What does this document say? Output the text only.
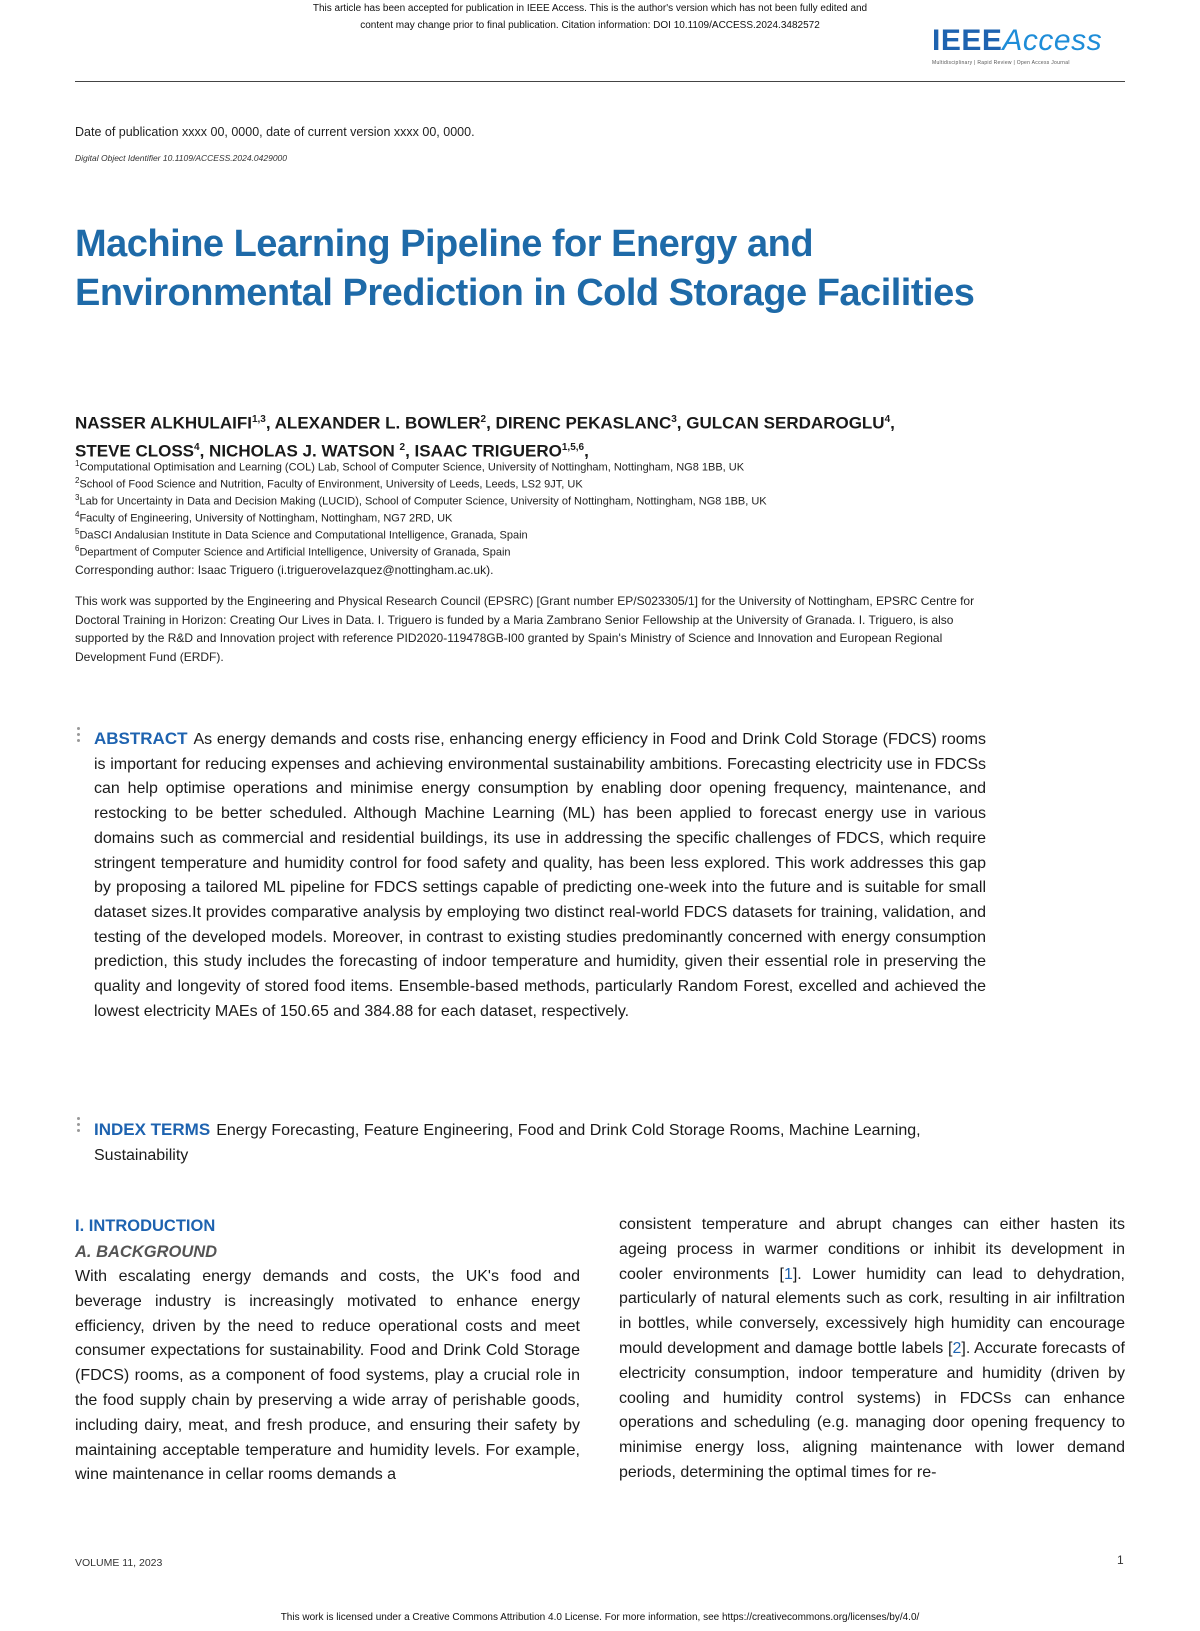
This article has been accepted for publication in IEEE Access. This is the author's version which has not been fully edited and
content may change prior to final publication. Citation information: DOI 10.1109/ACCESS.2024.3482572	IEEEAccess
Multidisciplinary | Rapid Review | Open Access Journal
Date of publication xxxx 00, 0000, date of current version xxxx 00, 0000.
Digital Object Identifier 10.1109/ACCESS.2024.0429000
Machine Learning Pipeline for Energy and Environmental Prediction in Cold Storage Facilities
NASSER ALKHULAIFI$^{1,3}$, ALEXANDER L. BOWLER$^2$, DIRENC PEKASLANC$^3$, GULCAN SERDAROGLU$^4$, STEVE CLOSS$^4$, NICHOLAS J. WATSON $^2$, ISAAC TRIGUERO$^{1,5,6}$,
$^1$Computational Optimisation and Learning (COL) Lab, School of Computer Science, University of Nottingham, Nottingham, NG8 1BB, UK
$^2$School of Food Science and Nutrition, Faculty of Environment, University of Leeds, Leeds, LS2 9JT, UK
$^3$Lab for Uncertainty in Data and Decision Making (LUCID), School of Computer Science, University of Nottingham, Nottingham, NG8 1BB, UK
$^4$Faculty of Engineering, University of Nottingham, Nottingham, NG7 2RD, UK
$^5$DaSCI Andalusian Institute in Data Science and Computational Intelligence, Granada, Spain
$^6$Department of Computer Science and Artificial Intelligence, University of Granada, Spain
Corresponding author: Isaac Triguero (i.trigueroveIazquez@nottingham.ac.uk).
This work was supported by the Engineering and Physical Research Council (EPSRC) [Grant number EP/S023305/1] for the University of Nottingham, EPSRC Centre for Doctoral Training in Horizon: Creating Our Lives in Data. I. Triguero is funded by a Maria Zambrano Senior Fellowship at the University of Granada. I. Triguero, is also supported by the R&D and Innovation project with reference PID2020-119478GB-I00 granted by Spain's Ministry of Science and Innovation and European Regional Development Fund (ERDF).
ABSTRACT As energy demands and costs rise, enhancing energy efficiency in Food and Drink Cold Storage (FDCS) rooms is important for reducing expenses and achieving environmental sustainability ambitions. Forecasting electricity use in FDCSs can help optimise operations and minimise energy consumption by enabling door opening frequency, maintenance, and restocking to be better scheduled. Although Machine Learning (ML) has been applied to forecast energy use in various domains such as commercial and residential buildings, its use in addressing the specific challenges of FDCS, which require stringent temperature and humidity control for food safety and quality, has been less explored. This work addresses this gap by proposing a tailored ML pipeline for FDCS settings capable of predicting one-week into the future and is suitable for small dataset sizes.It provides comparative analysis by employing two distinct real-world FDCS datasets for training, validation, and testing of the developed models. Moreover, in contrast to existing studies predominantly concerned with energy consumption prediction, this study includes the forecasting of indoor temperature and humidity, given their essential role in preserving the quality and longevity of stored food items. Ensemble-based methods, particularly Random Forest, excelled and achieved the lowest electricity MAEs of 150.65 and 384.88 for each dataset, respectively.
INDEX TERMS Energy Forecasting, Feature Engineering, Food and Drink Cold Storage Rooms, Machine Learning, Sustainability
I. INTRODUCTION
A. BACKGROUND
With escalating energy demands and costs, the UK's food and beverage industry is increasingly motivated to enhance energy efficiency, driven by the need to reduce operational costs and meet consumer expectations for sustainability. Food and Drink Cold Storage (FDCS) rooms, as a component of food systems, play a crucial role in the food supply chain by preserving a wide array of perishable goods, including dairy, meat, and fresh produce, and ensuring their safety by maintaining acceptable temperature and humidity levels. For example, wine maintenance in cellar rooms demands a
consistent temperature and abrupt changes can either hasten its ageing process in warmer conditions or inhibit its development in cooler environments [1]. Lower humidity can lead to dehydration, particularly of natural elements such as cork, resulting in air infiltration in bottles, while conversely, excessively high humidity can encourage mould development and damage bottle labels [2]. Accurate forecasts of electricity consumption, indoor temperature and humidity (driven by cooling and humidity control systems) in FDCSs can enhance operations and scheduling (e.g. managing door opening frequency to minimise energy loss, aligning maintenance with lower demand periods, determining the optimal times for re-
VOLUME 11, 2023	1
This work is licensed under a Creative Commons Attribution 4.0 License. For more information, see https://creativecommons.org/licenses/by/4.0/
